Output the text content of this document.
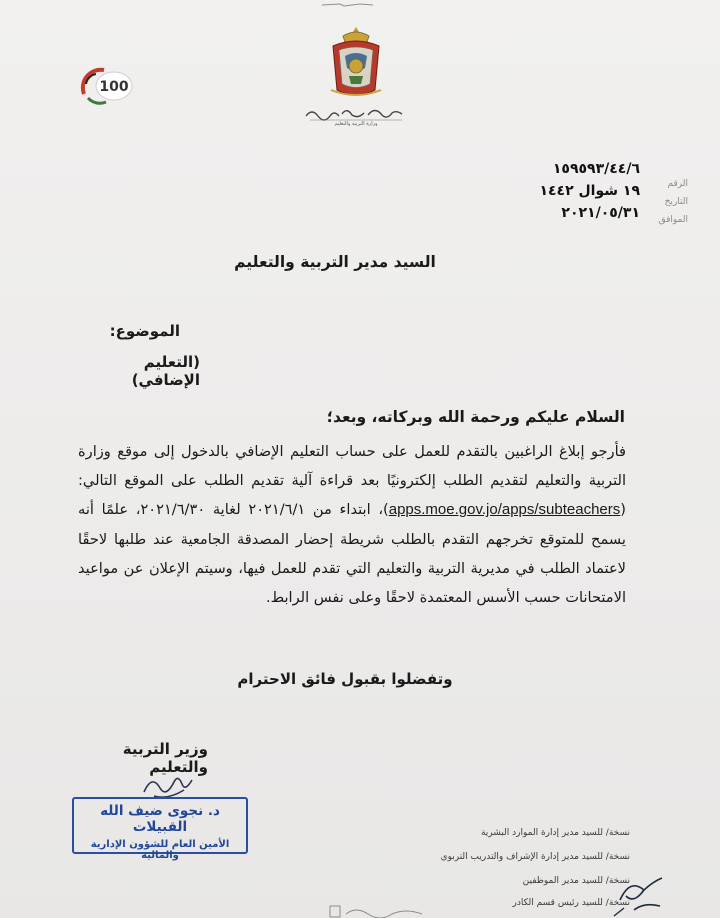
وزارة التربية والتعليم
100
الرقم
التاريخ
الموافق
١٥٩٥٩٣/٤٤/٦
١٩ شوال ١٤٤٢
٢٠٢١/٠٥/٣١
السيد مدير التربية والتعليم
الموضوع:
(التعليم الإضافي)
السلام عليكم ورحمة الله وبركاته، وبعد؛
فأرجو إبلاغ الراغبين بالتقدم للعمل على حساب التعليم الإضافي بالدخول إلى موقع وزارة التربية والتعليم لتقديم الطلب إلكترونيًا بعد قراءة آلية تقديم الطلب على الموقع التالي: (apps.moe.gov.jo/apps/subteachers)، ابتداء من ٢٠٢١/٦/١ لغاية ٢٠٢١/٦/٣٠، علمًا أنه يسمح للمتوقع تخرجهم التقدم بالطلب شريطة إحضار المصدقة الجامعية عند طلبها لاحقًا لاعتماد الطلب في مديرية التربية والتعليم التي تقدم للعمل فيها، وسيتم الإعلان عن مواعيد الامتحانات حسب الأسس المعتمدة لاحقًا وعلى نفس الرابط.
وتفضلوا بقبول فائق الاحترام
وزير التربية والتعليم
د. نجوى ضيف الله القبيلات
الأمين العام للشؤون الإدارية والمالية
نسخة/ للسيد مدير إدارة الموارد البشرية
نسخة/ للسيد مدير إدارة الإشراف والتدريب التربوي
نسخة/ للسيد مدير الموظفين
نسخة/ للسيد رئيس قسم الكادر
